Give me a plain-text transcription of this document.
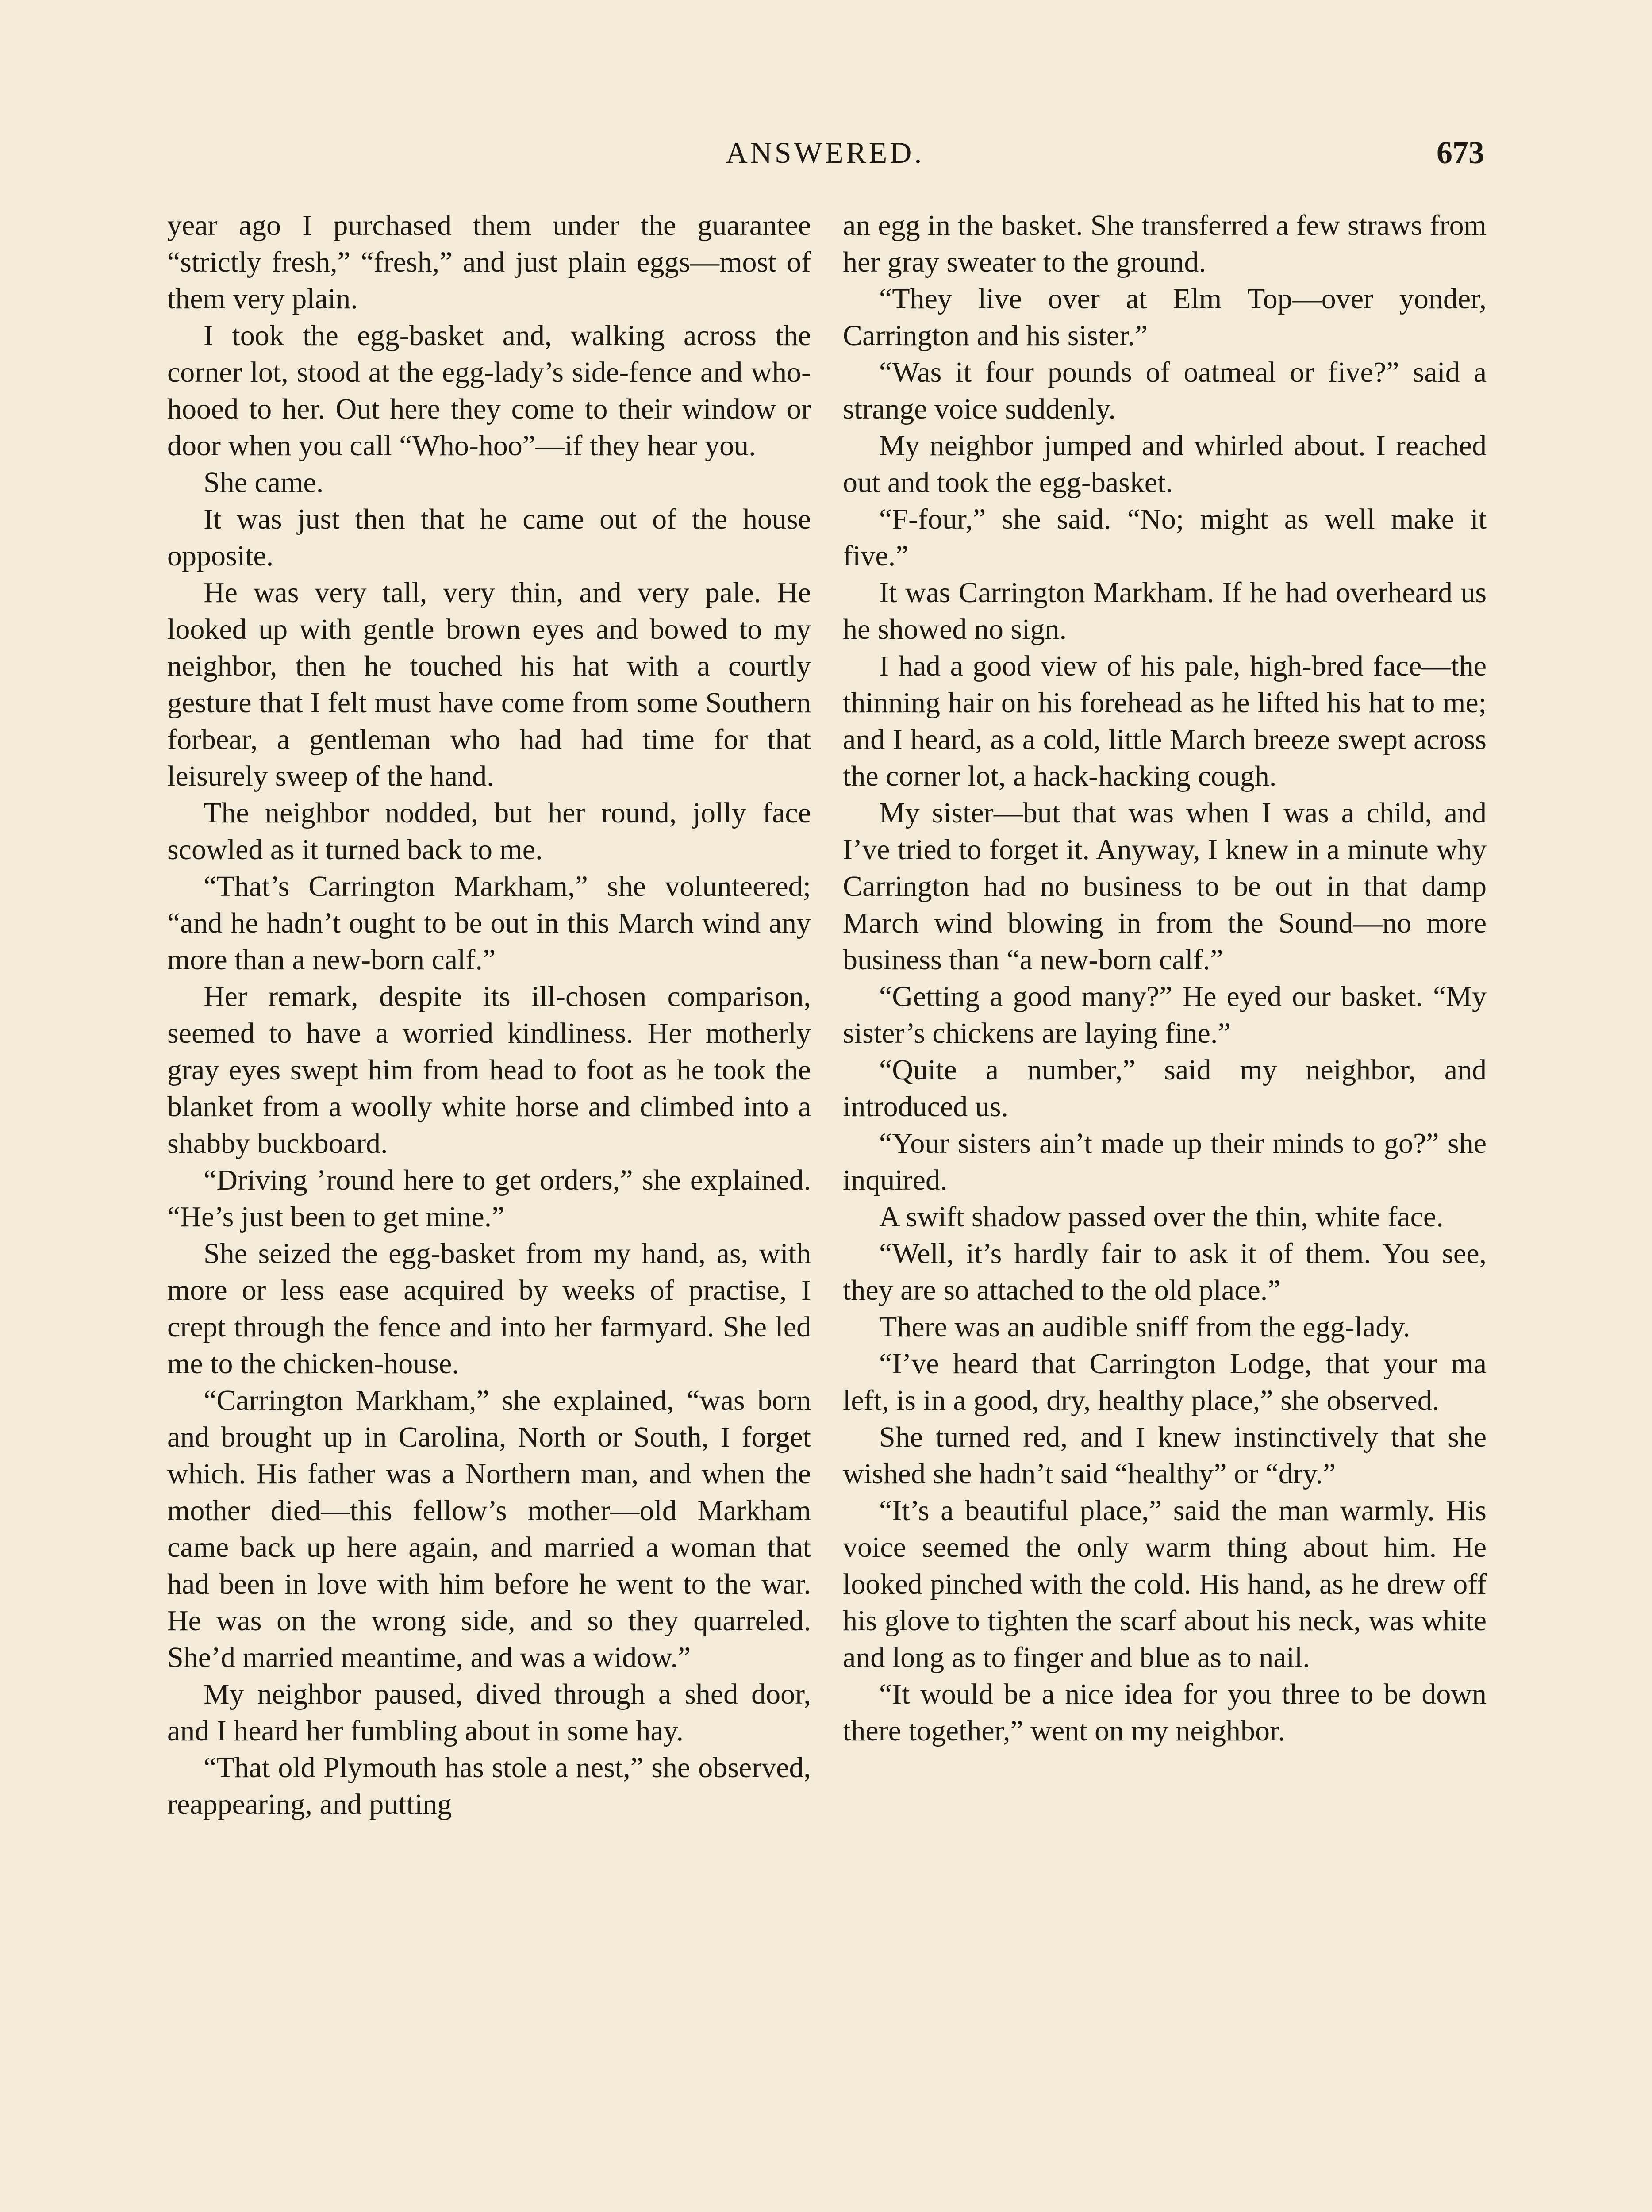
ANSWERED.	673

year ago I purchased them under the guarantee “strictly fresh,” “fresh,” and just plain eggs—most of them very plain.

I took the egg-basket and, walking across the corner lot, stood at the egg-lady’s side-fence and who-hooed to her. Out here they come to their window or door when you call “Who-hoo”—if they hear you.

She came.

It was just then that he came out of the house opposite.

He was very tall, very thin, and very pale. He looked up with gentle brown eyes and bowed to my neighbor, then he touched his hat with a courtly gesture that I felt must have come from some Southern forbear, a gentleman who had had time for that leisurely sweep of the hand.

The neighbor nodded, but her round, jolly face scowled as it turned back to me.

“That’s Carrington Markham,” she volunteered; “and he hadn’t ought to be out in this March wind any more than a new-born calf.”

Her remark, despite its ill-chosen comparison, seemed to have a worried kindliness. Her motherly gray eyes swept him from head to foot as he took the blanket from a woolly white horse and climbed into a shabby buckboard.

“Driving ’round here to get orders,” she explained. “He’s just been to get mine.”

She seized the egg-basket from my hand, as, with more or less ease acquired by weeks of practise, I crept through the fence and into her farmyard. She led me to the chicken-house.

“Carrington Markham,” she explained, “was born and brought up in Carolina, North or South, I forget which. His father was a Northern man, and when the mother died—this fellow’s mother—old Markham came back up here again, and married a woman that had been in love with him before he went to the war. He was on the wrong side, and so they quarreled. She’d married meantime, and was a widow.”

My neighbor paused, dived through a shed door, and I heard her fumbling about in some hay.

“That old Plymouth has stole a nest,” she observed, reappearing, and putting

an egg in the basket. She transferred a few straws from her gray sweater to the ground.

“They live over at Elm Top—over yonder, Carrington and his sister.”

“Was it four pounds of oatmeal or five?” said a strange voice suddenly.

My neighbor jumped and whirled about. I reached out and took the egg-basket.

“F-four,” she said. “No; might as well make it five.”

It was Carrington Markham. If he had overheard us he showed no sign.

I had a good view of his pale, high-bred face—the thinning hair on his forehead as he lifted his hat to me; and I heard, as a cold, little March breeze swept across the corner lot, a hack-hacking cough.

My sister—but that was when I was a child, and I’ve tried to forget it. Anyway, I knew in a minute why Carrington had no business to be out in that damp March wind blowing in from the Sound—no more business than “a new-born calf.”

“Getting a good many?” He eyed our basket. “My sister’s chickens are laying fine.”

“Quite a number,” said my neighbor, and introduced us.

“Your sisters ain’t made up their minds to go?” she inquired.

A swift shadow passed over the thin, white face.

“Well, it’s hardly fair to ask it of them. You see, they are so attached to the old place.”

There was an audible sniff from the egg-lady.

“I’ve heard that Carrington Lodge, that your ma left, is in a good, dry, healthy place,” she observed.

She turned red, and I knew instinctively that she wished she hadn’t said “healthy” or “dry.”

“It’s a beautiful place,” said the man warmly. His voice seemed the only warm thing about him. He looked pinched with the cold. His hand, as he drew off his glove to tighten the scarf about his neck, was white and long as to finger and blue as to nail.

“It would be a nice idea for you three to be down there together,” went on my neighbor.
